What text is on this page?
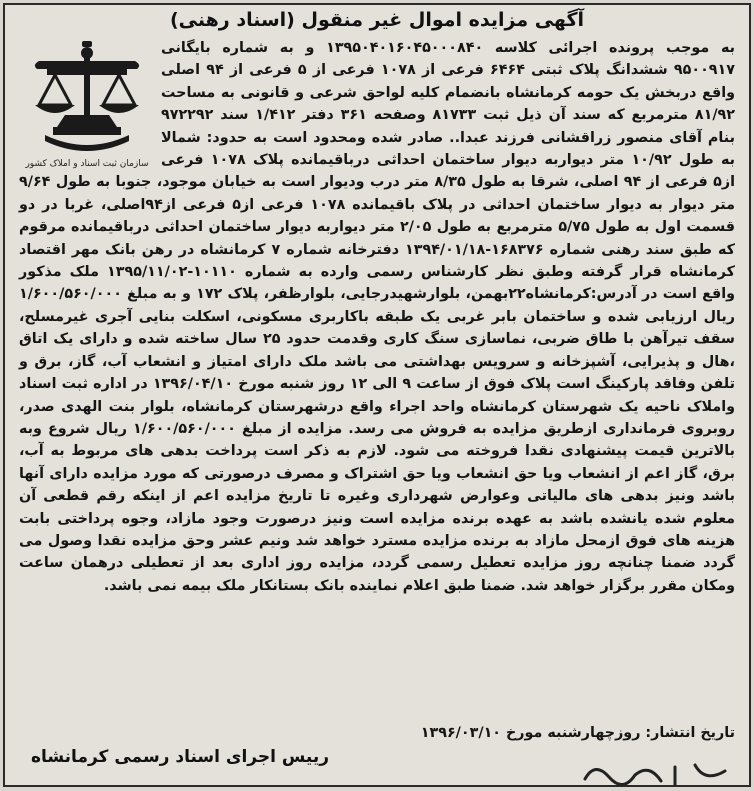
آگهی مزایده اموال غیر منقول (اسناد رهنی)
سازمان ثبت اسناد و املاک کشور
به موجب پرونده اجرائی کلاسه ۱۳۹۵۰۴۰۱۶۰۴۵۰۰۰۸۴۰ و به شماره بایگانی ۹۵۰۰۹۱۷ ششدانگ پلاک ثبتی ۶۴۶۴ فرعی از ۱۰۷۸ فرعی از ۵ فرعی از ۹۴ اصلی واقع دربخش یک حومه کرمانشاه بانضمام کلیه لواحق شرعی و قانونی به مساحت ۸۱/۹۲ مترمربع که سند آن ذیل ثبت ۸۱۷۳۳ وصفحه ۳۶۱ دفتر ۱/۴۱۲ سند ۹۷۲۲۹۲ بنام آقای منصور زراقشانی فرزند عبدا.. صادر شده ومحدود است به حدود: شمالا به طول ۱۰/۹۲ متر دیواربه دیوار ساختمان احداثی درباقیمانده پلاک ۱۰۷۸ فرعی از۵ فرعی از ۹۴ اصلی، شرقا به طول ۸/۳۵ متر درب ودیوار است به خیابان موجود، جنوبا به طول ۹/۶۴ متر دیوار به دیوار ساختمان احداثی در پلاک باقیمانده ۱۰۷۸ فرعی از۵ فرعی از۹۴اصلی، غربا در دو قسمت اول به طول ۵/۷۵ مترمربع به طول ۲/۰۵ متر دیواربه دیوار ساختمان احداثی درباقیمانده مرقوم که طبق سند رهنی شماره ۱۶۸۳۷۶-۱۳۹۴/۰۱/۱۸ دفترخانه شماره ۷ کرمانشاه در رهن بانک مهر اقتصاد کرمانشاه قرار گرفته وطبق نظر کارشناس رسمی وارده به شماره ۱۰۱۱۰-۱۳۹۵/۱۱/۰۲ ملک مذکور واقع است در آدرس:کرمانشاه۲۲بهمن، بلوارشهیدرجایی، بلوارظفر، پلاک ۱۷۲ و به مبلغ ۱/۶۰۰/۵۶۰/۰۰۰ ریال ارزیابی شده و ساختمان بابر غربی یک طبقه باکاربری مسکونی، اسکلت بنایی آجری غیرمسلح، سقف تیرآهن با طاق ضربی، نماسازی سنگ کاری وقدمت حدود ۲۵ سال ساخته شده و دارای یک اتاق ،هال و پذیرایی، آشپزخانه و سرویس بهداشتی می باشد ملک دارای امتیاز و انشعاب آب، گاز، برق و تلفن وفاقد پارکینگ است پلاک فوق از ساعت ۹ الی ۱۲ روز شنبه مورخ ۱۳۹۶/۰۴/۱۰ در اداره ثبت اسناد واملاک ناحیه یک شهرستان کرمانشاه واحد اجراء واقع درشهرستان کرمانشاه، بلوار بنت الهدی صدر، روبروی فرمانداری ازطریق مزایده به فروش می رسد. مزایده از مبلغ ۱/۶۰۰/۵۶۰/۰۰۰ ریال شروع وبه بالاترین قیمت پیشنهادی نقدا فروخته می شود. لازم به ذکر است پرداخت بدهی های مربوط به آب، برق، گاز اعم از انشعاب ویا حق انشعاب ویا حق اشتراک و مصرف درصورتی که مورد مزایده دارای آنها باشد ونیز بدهی های مالیاتی وعوارض شهرداری وغیره تا تاریخ مزایده اعم از اینکه رقم قطعی آن معلوم شده یانشده باشد به عهده برنده مزایده است ونیز درصورت وجود مازاد، وجوه پرداختی بابت هزینه های فوق ازمحل مازاد به برنده مزایده مسترد خواهد شد ونیم عشر وحق مزایده نقدا وصول می گردد ضمنا چنانچه روز مزایده تعطیل رسمی گردد، مزایده روز اداری بعد از تعطیلی درهمان ساعت ومکان مقرر برگزار خواهد شد. ضمنا طبق اعلام نماینده بانک بستانکار ملک بیمه نمی باشد.
تاریخ انتشار: روزچهارشنبه مورخ ۱۳۹۶/۰۳/۱۰
رییس اجرای اسناد رسمی کرمانشاه
